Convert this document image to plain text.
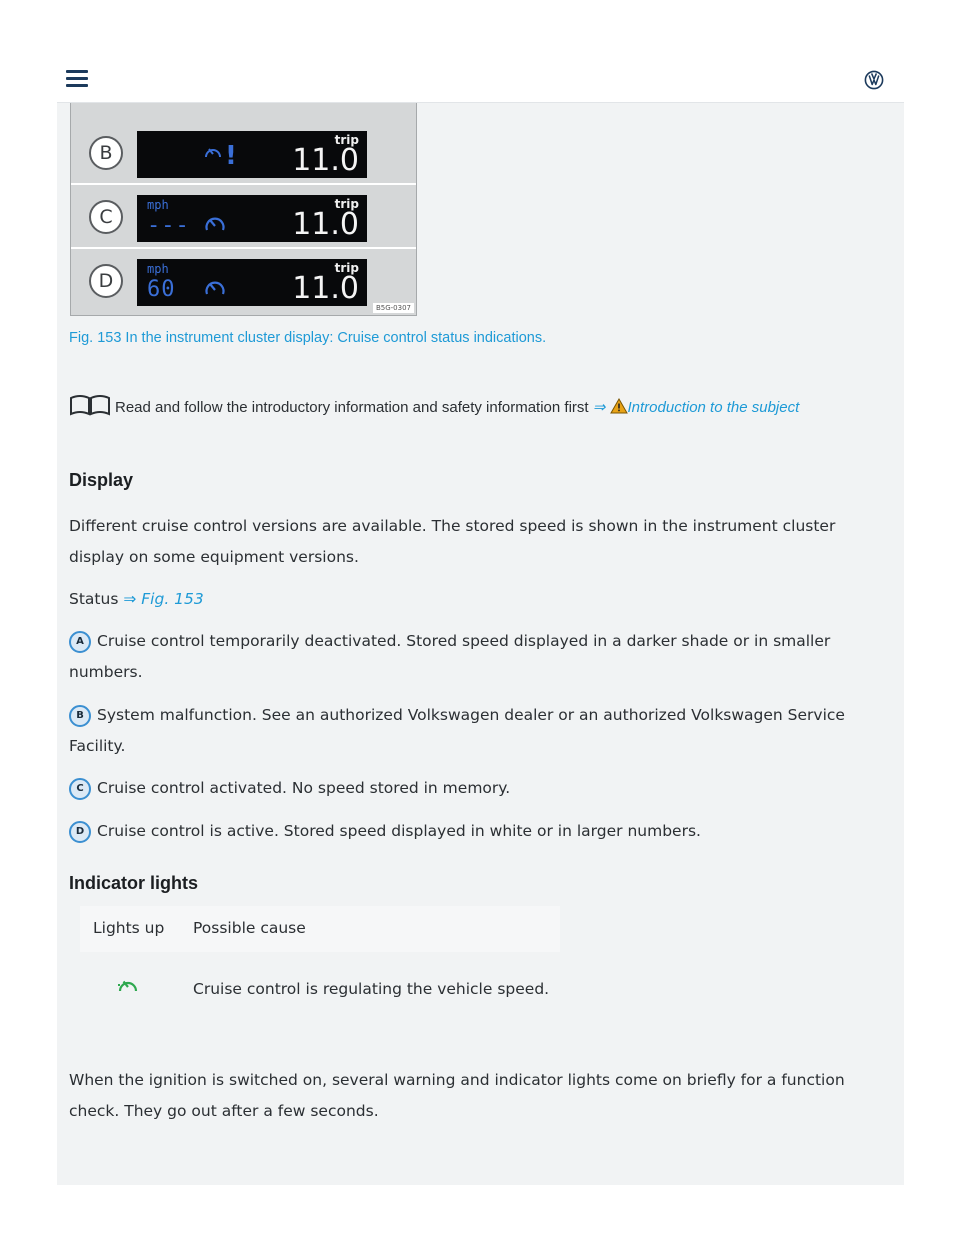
B
trip
! 11.0
C
mph
---
trip
11.0
D
mph
60
trip
11.0
B5G-0307
Fig. 153 In the instrument cluster display: Cruise control status indications.
Read and follow the introductory information and safety information first ⇒ Introduction to the subject
Display
Different cruise control versions are available. The stored speed is shown in the instrument cluster display on some equipment versions.
Status ⇒ Fig. 153
A Cruise control temporarily deactivated. Stored speed displayed in a darker shade or in smaller numbers.
B System malfunction. See an authorized Volkswagen dealer or an authorized Volkswagen Service Facility.
C Cruise control activated. No speed stored in memory.
D Cruise control is active. Stored speed displayed in white or in larger numbers.
Indicator lights
Lights up Possible cause
Cruise control is regulating the vehicle speed.
When the ignition is switched on, several warning and indicator lights come on briefly for a function check. They go out after a few seconds.
